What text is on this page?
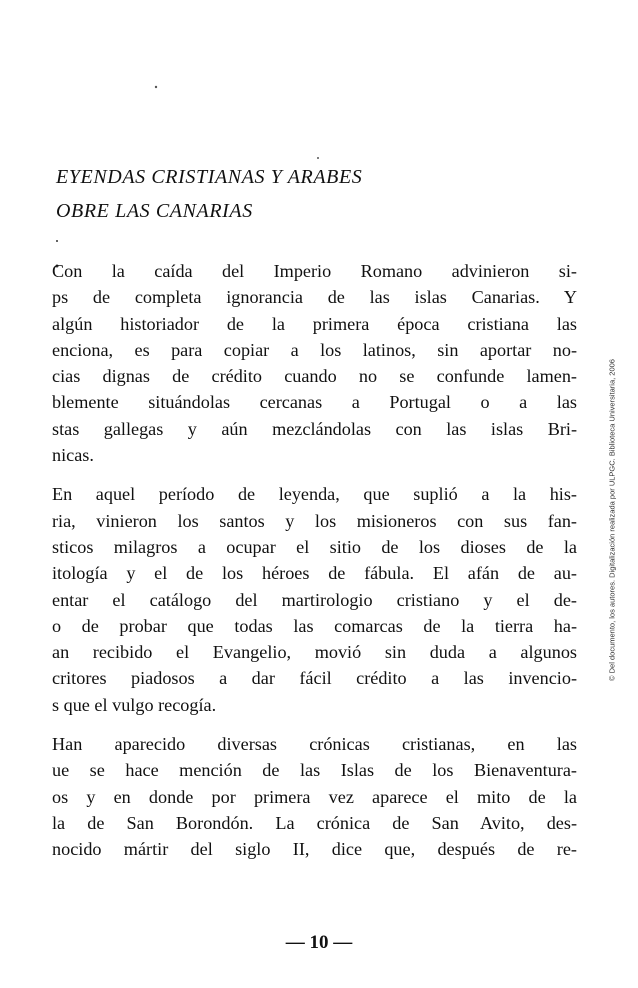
EYENDAS CRISTIANAS Y ARABES
OBRE LAS CANARIAS

Con la caída del Imperio Romano advinieron si-
ps de completa ignorancia de las islas Canarias. Y
algún historiador de la primera época cristiana las
enciona, es para copiar a los latinos, sin aportar no-
cias dignas de crédito cuando no se confunde lamen-
blemente situándolas cercanas a Portugal o a las
stas gallegas y aún mezclándolas con las islas Bri-
nicas.

En aquel período de leyenda, que suplió a la his-
ria, vinieron los santos y los misioneros con sus fan-
sticos milagros a ocupar el sitio de los dioses de la
itología y el de los héroes de fábula. El afán de au-
entar el catálogo del martirologio cristiano y el de-
o de probar que todas las comarcas de la tierra ha-
an recibido el Evangelio, movió sin duda a algunos
critores piadosos a dar fácil crédito a las invencio-
s que el vulgo recogía.

Han aparecido diversas crónicas cristianas, en las
ue se hace mención de las Islas de los Bienaventura-
os y en donde por primera vez aparece el mito de la
la de San Borondón. La crónica de San Avito, des-
nocido mártir del siglo II, dice que, después de re-

— 10 —
© Del documento, los autores. Digitalización realizada por ULPGC. Biblioteca Universitaria, 2006
